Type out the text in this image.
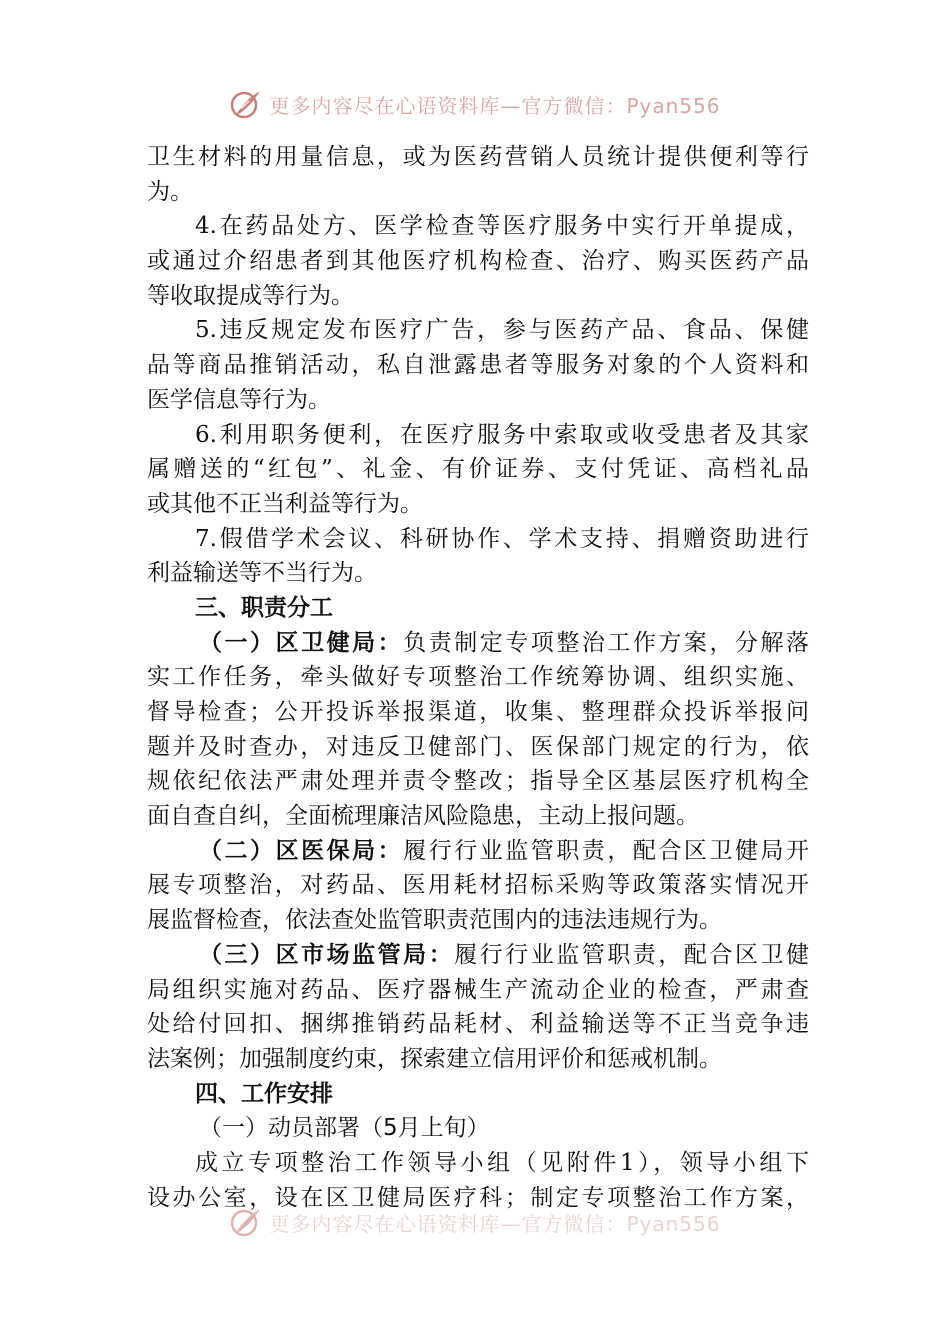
更多内容尽在心语资料库—官方微信：Pyan556
卫生材料的用量信息，或为医药营销人员统计提供便利等行
为。
4.在药品处方、医学检查等医疗服务中实行开单提成，
或通过介绍患者到其他医疗机构检查、治疗、购买医药产品
等收取提成等行为。
5.违反规定发布医疗广告，参与医药产品、食品、保健
品等商品推销活动，私自泄露患者等服务对象的个人资料和
医学信息等行为。
6.利用职务便利，在医疗服务中索取或收受患者及其家
属赠送的“红包”、礼金、有价证券、支付凭证、高档礼品
或其他不正当利益等行为。
7.假借学术会议、科研协作、学术支持、捐赠资助进行
利益输送等不当行为。
三、职责分工
（一）区卫健局：负责制定专项整治工作方案，分解落
实工作任务，牵头做好专项整治工作统筹协调、组织实施、
督导检查；公开投诉举报渠道，收集、整理群众投诉举报问
题并及时查办，对违反卫健部门、医保部门规定的行为，依
规依纪依法严肃处理并责令整改；指导全区基层医疗机构全
面自查自纠，全面梳理廉洁风险隐患，主动上报问题。
（二）区医保局：履行行业监管职责，配合区卫健局开
展专项整治，对药品、医用耗材招标采购等政策落实情况开
展监督检查，依法查处监管职责范围内的违法违规行为。
（三）区市场监管局：履行行业监管职责，配合区卫健
局组织实施对药品、医疗器械生产流动企业的检查，严肃查
处给付回扣、捆绑推销药品耗材、利益输送等不正当竞争违
法案例；加强制度约束，探索建立信用评价和惩戒机制。
四、工作安排
（一）动员部署（5月上旬）
成立专项整治工作领导小组（见附件1），领导小组下
设办公室，设在区卫健局医疗科；制定专项整治工作方案，
更多内容尽在心语资料库—官方微信：Pyan556
